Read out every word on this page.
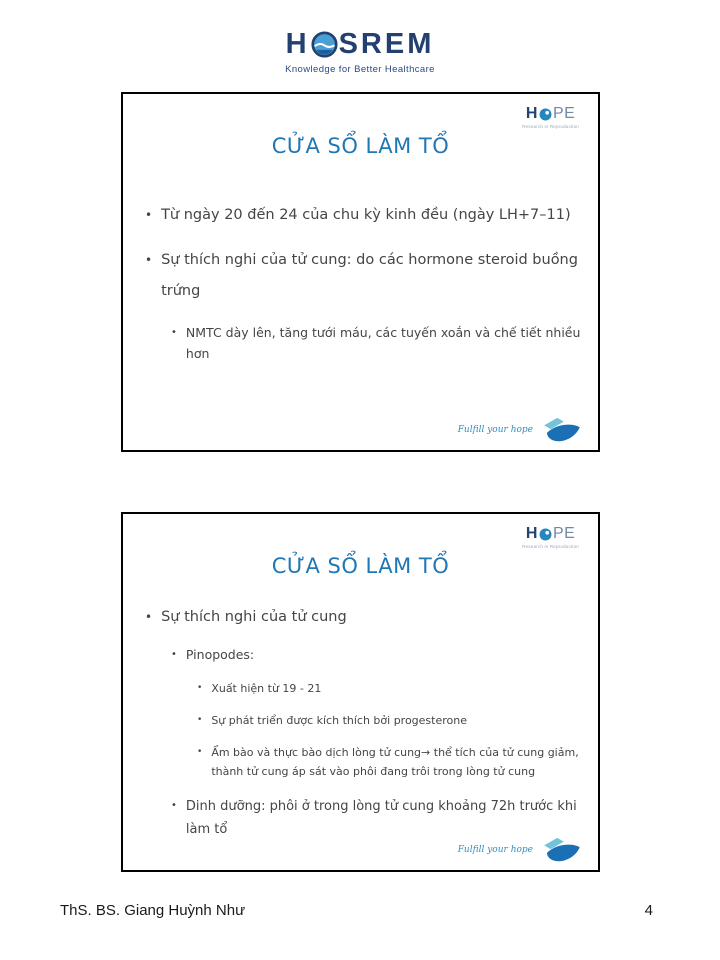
H SREM
Knowledge for Better Healthcare
H PE
Research in Reproduction
CỬA SỔ LÀM TỔ
• Từ ngày 20 đến 24 của chu kỳ kinh đều (ngày LH+7–11)
• Sự thích nghi của tử cung: do các hormone steroid buồng trứng
• NMTC dày lên, tăng tưới máu, các tuyến xoắn và chế tiết nhiều hơn
Fulfill your hope
H PE
Research in Reproduction
CỬA SỔ LÀM TỔ
• Sự thích nghi của tử cung
• Pinopodes:
• Xuất hiện từ 19 - 21
• Sự phát triển được kích thích bởi progesterone
• Ẩm bào và thực bào dịch lòng tử cung→ thể tích của tử cung giảm, thành tử cung áp sát vào phôi đang trôi trong lòng tử cung
• Dinh dưỡng: phôi ở trong lòng tử cung khoảng 72h trước khi làm tổ
Fulfill your hope
ThS. BS. Giang Huỳnh Như	4
